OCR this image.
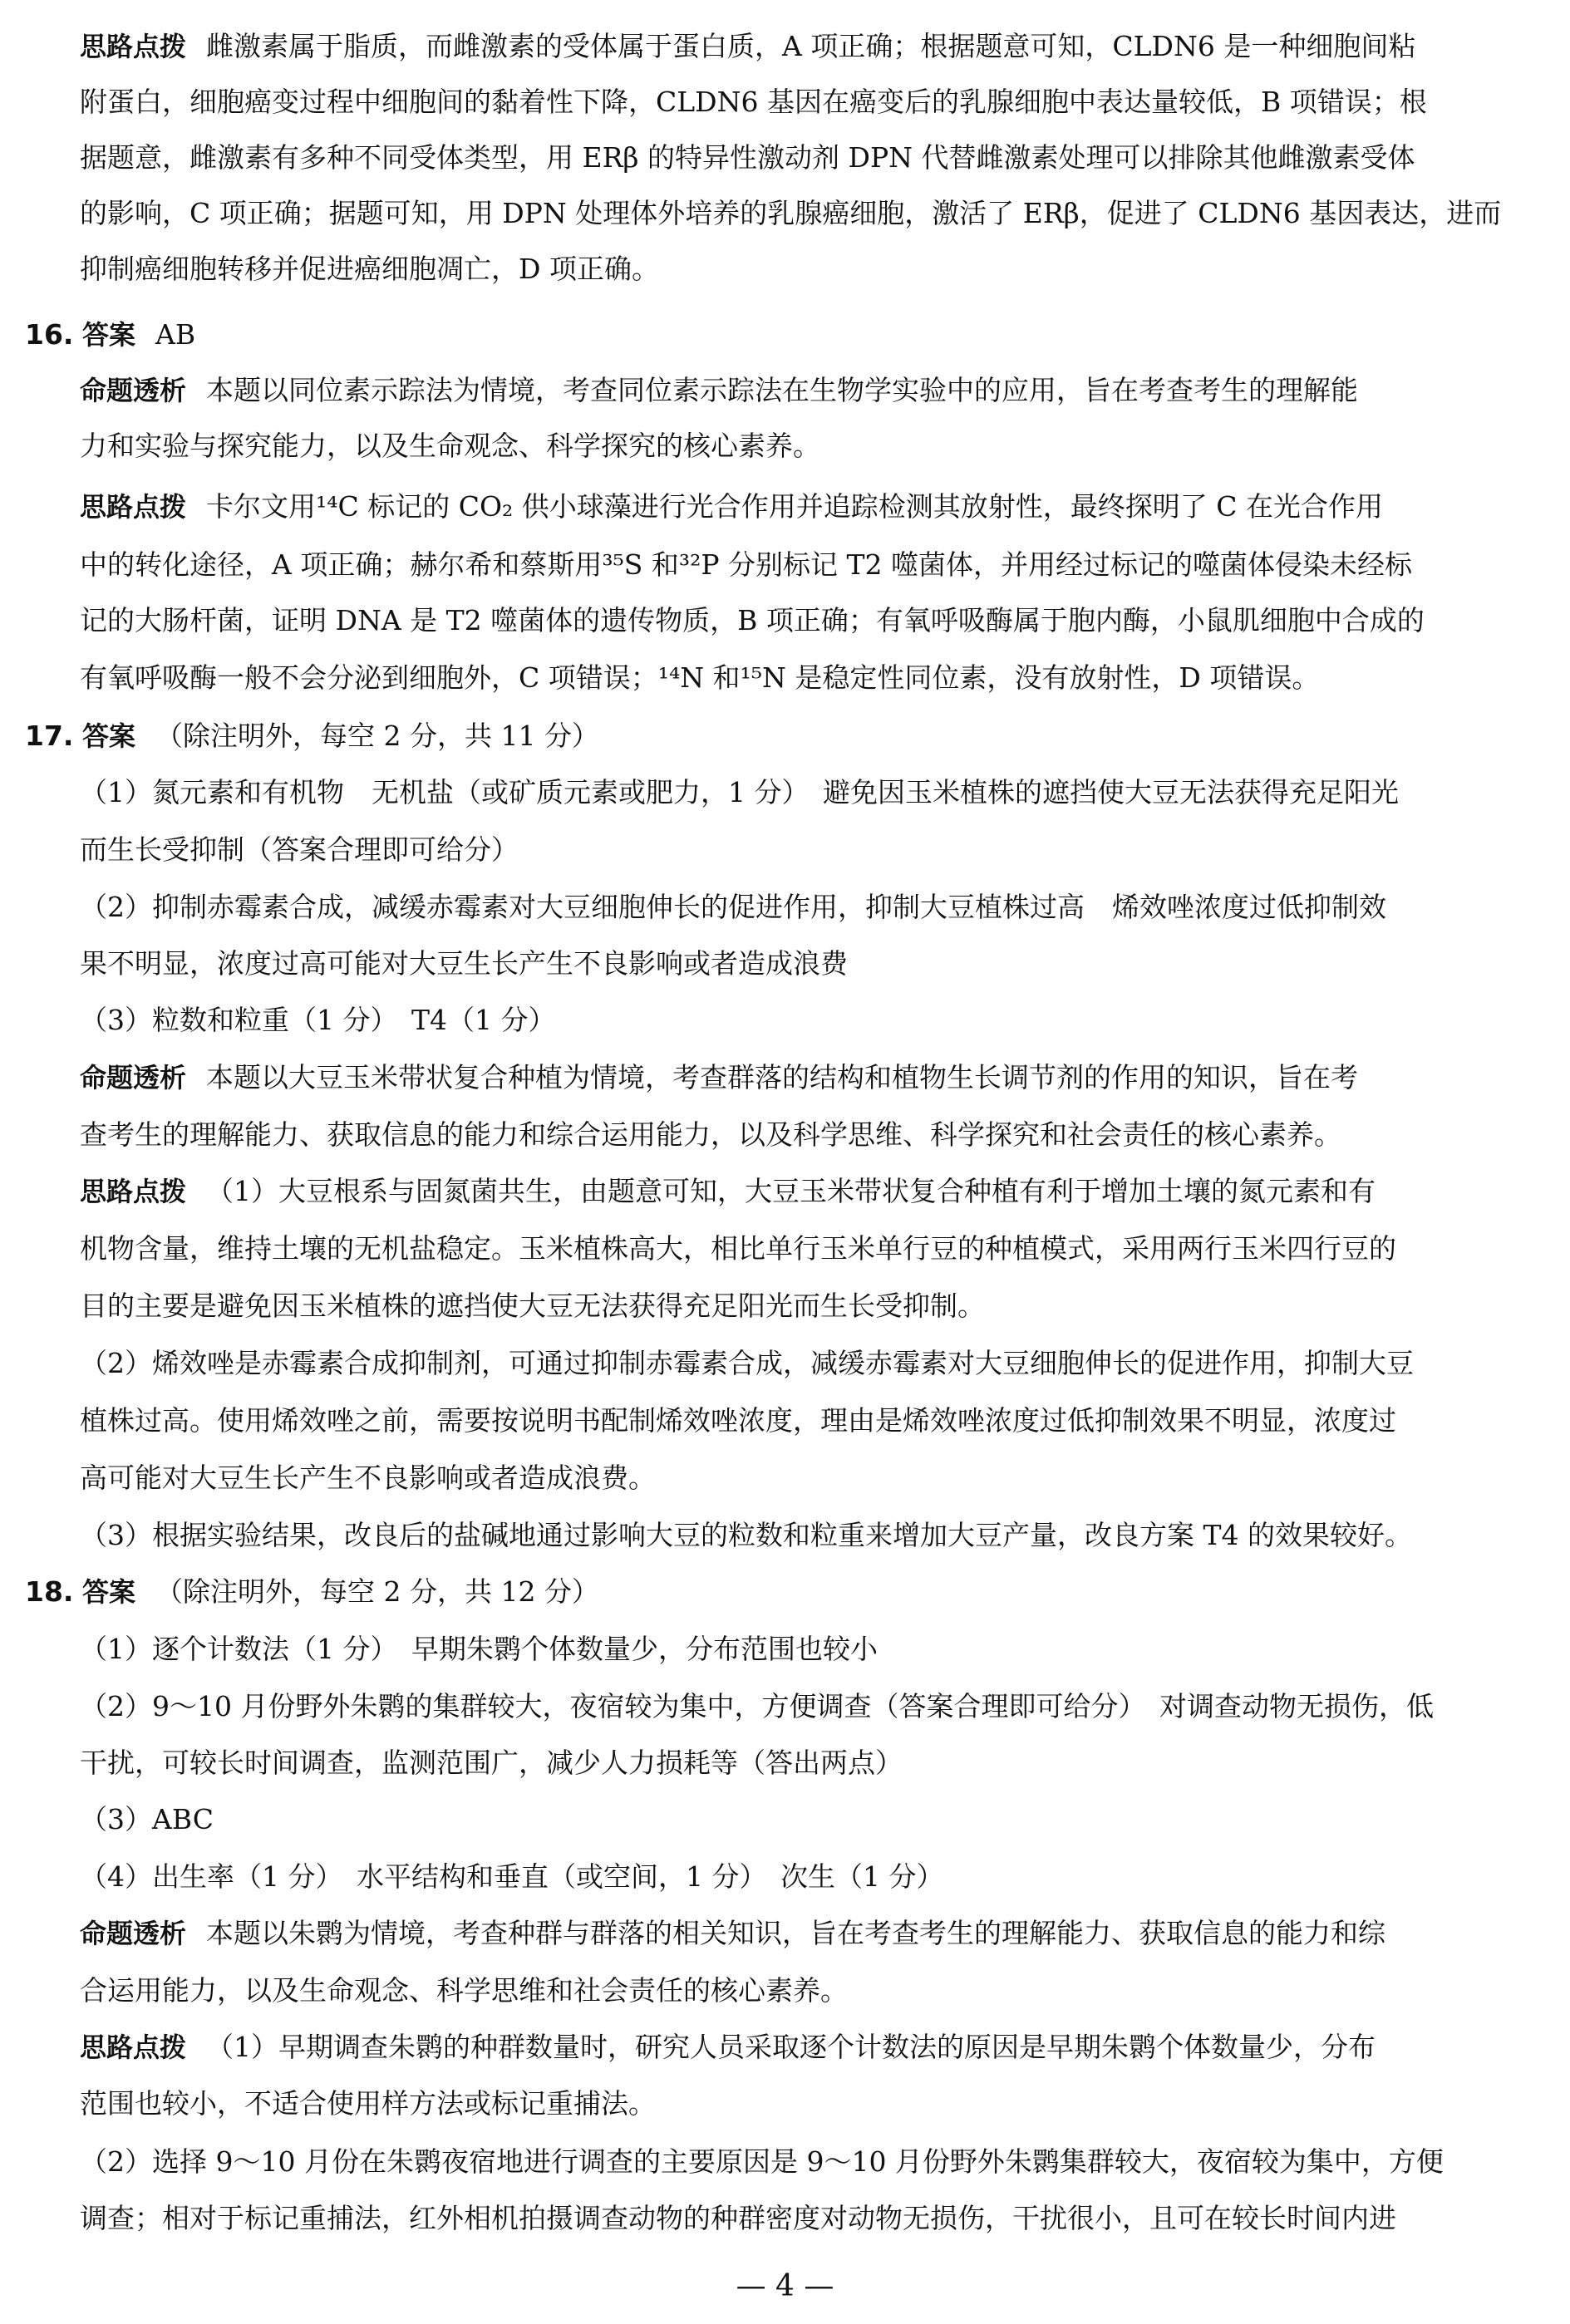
思路点拨 雌激素属于脂质，而雌激素的受体属于蛋白质，A 项正确；根据题意可知，CLDN6 是一种细胞间粘
附蛋白，细胞癌变过程中细胞间的黏着性下降，CLDN6 基因在癌变后的乳腺细胞中表达量较低，B 项错误；根
据题意，雌激素有多种不同受体类型，用 ERβ 的特异性激动剂 DPN 代替雌激素处理可以排除其他雌激素受体
的影响，C 项正确；据题可知，用 DPN 处理体外培养的乳腺癌细胞，激活了 ERβ，促进了 CLDN6 基因表达，进而
抑制癌细胞转移并促进癌细胞凋亡，D 项正确。
16. 答案 AB
命题透析 本题以同位素示踪法为情境，考查同位素示踪法在生物学实验中的应用，旨在考查考生的理解能
力和实验与探究能力，以及生命观念、科学探究的核心素养。
思路点拨 卡尔文用¹⁴C 标记的 CO₂ 供小球藻进行光合作用并追踪检测其放射性，最终探明了 C 在光合作用
中的转化途径，A 项正确；赫尔希和蔡斯用³⁵S 和³²P 分别标记 T2 噬菌体，并用经过标记的噬菌体侵染未经标
记的大肠杆菌，证明 DNA 是 T2 噬菌体的遗传物质，B 项正确；有氧呼吸酶属于胞内酶，小鼠肌细胞中合成的
有氧呼吸酶一般不会分泌到细胞外，C 项错误；¹⁴N 和¹⁵N 是稳定性同位素，没有放射性，D 项错误。
17. 答案 （除注明外，每空 2 分，共 11 分）
（1）氮元素和有机物　无机盐（或矿质元素或肥力，1 分）　避免因玉米植株的遮挡使大豆无法获得充足阳光
而生长受抑制（答案合理即可给分）
（2）抑制赤霉素合成，减缓赤霉素对大豆细胞伸长的促进作用，抑制大豆植株过高　烯效唑浓度过低抑制效
果不明显，浓度过高可能对大豆生长产生不良影响或者造成浪费
（3）粒数和粒重（1 分）　T4（1 分）
命题透析 本题以大豆玉米带状复合种植为情境，考查群落的结构和植物生长调节剂的作用的知识，旨在考
查考生的理解能力、获取信息的能力和综合运用能力，以及科学思维、科学探究和社会责任的核心素养。
思路点拨 （1）大豆根系与固氮菌共生，由题意可知，大豆玉米带状复合种植有利于增加土壤的氮元素和有
机物含量，维持土壤的无机盐稳定。玉米植株高大，相比单行玉米单行豆的种植模式，采用两行玉米四行豆的
目的主要是避免因玉米植株的遮挡使大豆无法获得充足阳光而生长受抑制。
（2）烯效唑是赤霉素合成抑制剂，可通过抑制赤霉素合成，减缓赤霉素对大豆细胞伸长的促进作用，抑制大豆
植株过高。使用烯效唑之前，需要按说明书配制烯效唑浓度，理由是烯效唑浓度过低抑制效果不明显，浓度过
高可能对大豆生长产生不良影响或者造成浪费。
（3）根据实验结果，改良后的盐碱地通过影响大豆的粒数和粒重来增加大豆产量，改良方案 T4 的效果较好。
18. 答案 （除注明外，每空 2 分，共 12 分）
（1）逐个计数法（1 分）　早期朱鹮个体数量少，分布范围也较小
（2）9～10 月份野外朱鹮的集群较大，夜宿较为集中，方便调查（答案合理即可给分）　对调查动物无损伤，低
干扰，可较长时间调查，监测范围广，减少人力损耗等（答出两点）
（3）ABC
（4）出生率（1 分）　水平结构和垂直（或空间，1 分）　次生（1 分）
命题透析 本题以朱鹮为情境，考查种群与群落的相关知识，旨在考查考生的理解能力、获取信息的能力和综
合运用能力，以及生命观念、科学思维和社会责任的核心素养。
思路点拨 （1）早期调查朱鹮的种群数量时，研究人员采取逐个计数法的原因是早期朱鹮个体数量少，分布
范围也较小，不适合使用样方法或标记重捕法。
（2）选择 9～10 月份在朱鹮夜宿地进行调查的主要原因是 9～10 月份野外朱鹮集群较大，夜宿较为集中，方便
调查；相对于标记重捕法，红外相机拍摄调查动物的种群密度对动物无损伤，干扰很小，且可在较长时间内进
— 4 —
